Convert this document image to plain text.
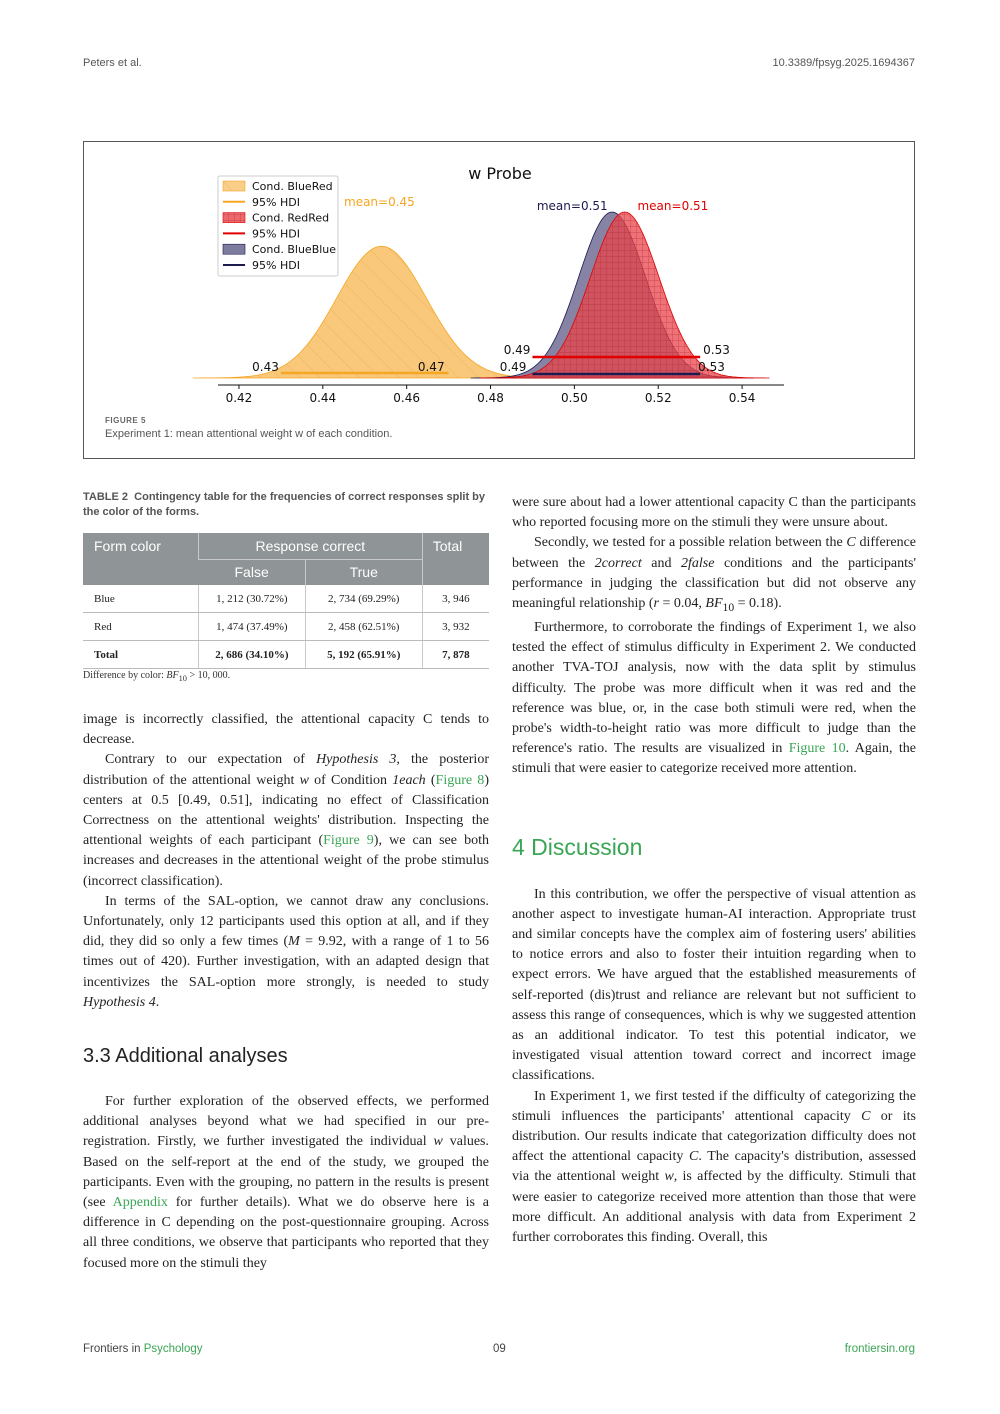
Peters et al.	10.3389/fpsyg.2025.1694367
0.43	0.47
0.49	0.53
0.49	0.53
mean=0.45	mean=0.51 mean=0.51
0.42	0.44	0.46	0.48	0.50	0.52	0.54
w Probe
Cond. BlueRed
95% HDI
Cond. RedRed
95% HDI
Cond. BlueBlue
95% HDI
FIGURE 5
Experiment 1: mean attentional weight w of each condition.
TABLE 2 Contingency table for the frequencies of correct responses split by the color of the forms.
Form color	Response correct		Total
	False	True	
Blue	1, 212 (30.72%)	2, 734 (69.29%)	3, 946
Red	1, 474 (37.49%)	2, 458 (62.51%)	3, 932
Total	2, 686 (34.10%)	5, 192 (65.91%)	7, 878
Difference by color: $BF_{10} > 10$, 000.

image is incorrectly classified, the attentional capacity C tends to decrease.

Contrary to our expectation of Hypothesis 3, the posterior distribution of the attentional weight w of Condition 1each (Figure 8) centers at 0.5 [0.49, 0.51], indicating no effect of Classification Correctness on the attentional weights' distribution. Inspecting the attentional weights of each participant (Figure 9), we can see both increases and decreases in the attentional weight of the probe stimulus (incorrect classification).

In terms of the SAL-option, we cannot draw any conclusions. Unfortunately, only 12 participants used this option at all, and if they did, they did so only a few times (M = 9.92, with a range of 1 to 56 times out of 420). Further investigation, with an adapted design that incentivizes the SAL-option more strongly, is needed to study Hypothesis 4.

3.3 Additional analyses

For further exploration of the observed effects, we performed additional analyses beyond what we had specified in our pre-registration. Firstly, we further investigated the individual w values. Based on the self-report at the end of the study, we grouped the participants. Even with the grouping, no pattern in the results is present (see Appendix for further details). What we do observe here is a difference in C depending on the post-questionnaire grouping. Across all three conditions, we observe that participants who reported that they focused more on the stimuli they

were sure about had a lower attentional capacity C than the participants who reported focusing more on the stimuli they were unsure about.

Secondly, we tested for a possible relation between the C difference between the 2correct and 2false conditions and the participants' performance in judging the classification but did not observe any meaningful relationship (r = 0.04, $BF_{10} = 0.18$).

Furthermore, to corroborate the findings of Experiment 1, we also tested the effect of stimulus difficulty in Experiment 2. We conducted another TVA-TOJ analysis, now with the data split by stimulus difficulty. The probe was more difficult when it was red and the reference was blue, or, in the case both stimuli were red, when the probe's width-to-height ratio was more difficult to judge than the reference's ratio. The results are visualized in Figure 10. Again, the stimuli that were easier to categorize received more attention.

4 Discussion

In this contribution, we offer the perspective of visual attention as another aspect to investigate human-AI interaction. Appropriate trust and similar concepts have the complex aim of fostering users' abilities to notice errors and also to foster their intuition regarding when to expect errors. We have argued that the established measurements of self-reported (dis)trust and reliance are relevant but not sufficient to assess this range of consequences, which is why we suggested attention as an additional indicator. To test this potential indicator, we investigated visual attention toward correct and incorrect image classifications.

In Experiment 1, we first tested if the difficulty of categorizing the stimuli influences the participants' attentional capacity C or its distribution. Our results indicate that categorization difficulty does not affect the attentional capacity C. The capacity's distribution, assessed via the attentional weight w, is affected by the difficulty. Stimuli that were easier to categorize received more attention than those that were more difficult. An additional analysis with data from Experiment 2 further corroborates this finding. Overall, this

Frontiers in Psychology	09	frontiersin.org
